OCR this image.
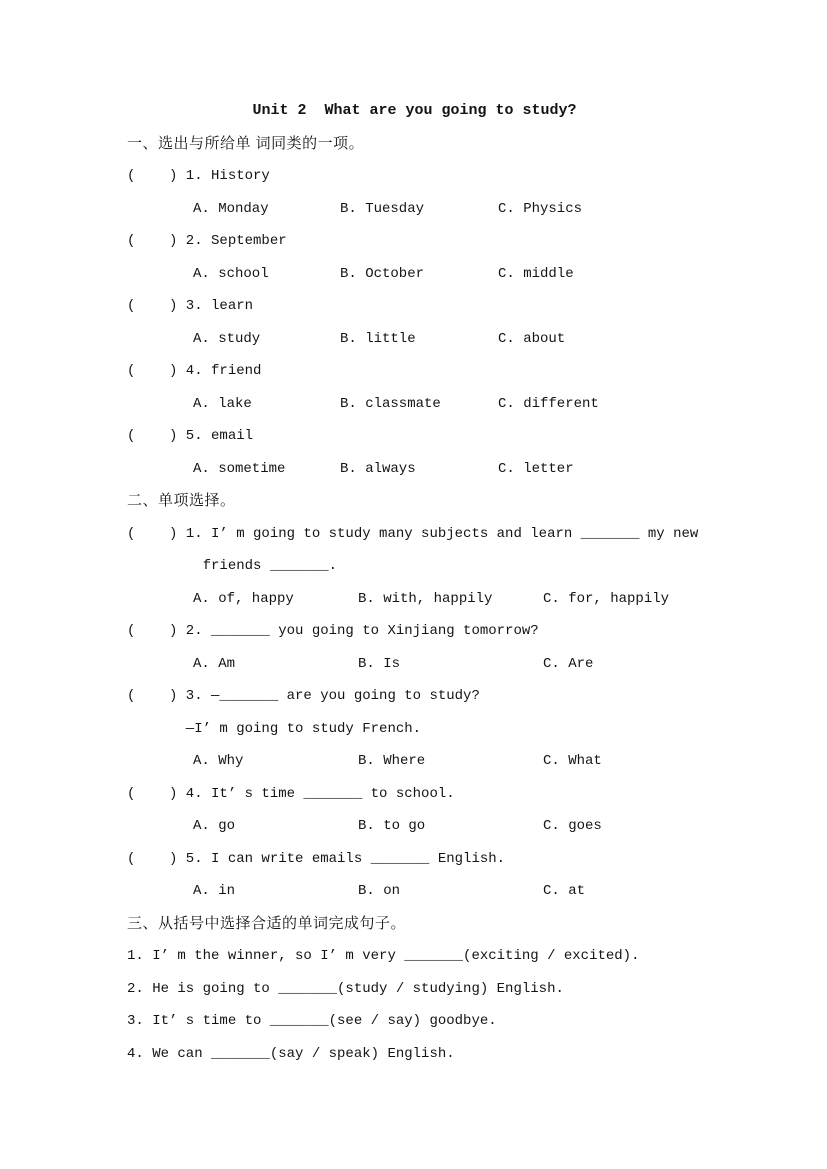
Unit 2  What are you going to study?
一、选出与所给单 词同类的一项。
(    ) 1. History

A. Monday

	B. Tuesday

	C. Physics

(    ) 2. September

A. school

	B. October

	C. middle

(    ) 3. learn

A. study

	B. little

	C. about

(    ) 4. friend

A. lake

	B. classmate

	C. different

(    ) 5. email

A. sometime

	B. always

	C. letter

二、单项选择。
(    ) 1. I’ m going to study many subjects and learn _______ my new
friends _______.

A. of, happy

	B. with, happily

	C. for, happily

(    ) 2. _______ you going to Xinjiang tomorrow?

A. Am

	B. Is

	C. Are

(    ) 3. —_______ are you going to study?
—I’ m going to study French.

A. Why

	B. Where

	C. What

(    ) 4. It’ s time _______ to school.

A. go

	B. to go

	C. goes

(    ) 5. I can write emails _______ English.

A. in

	B. on

	C. at

三、从括号中选择合适的单词完成句子。
1. I’ m the winner, so I’ m very _______(exciting / excited).
2. He is going to _______(study / studying) English.
3. It’ s time to _______(see / say) goodbye.
4. We can _______(say / speak) English.
